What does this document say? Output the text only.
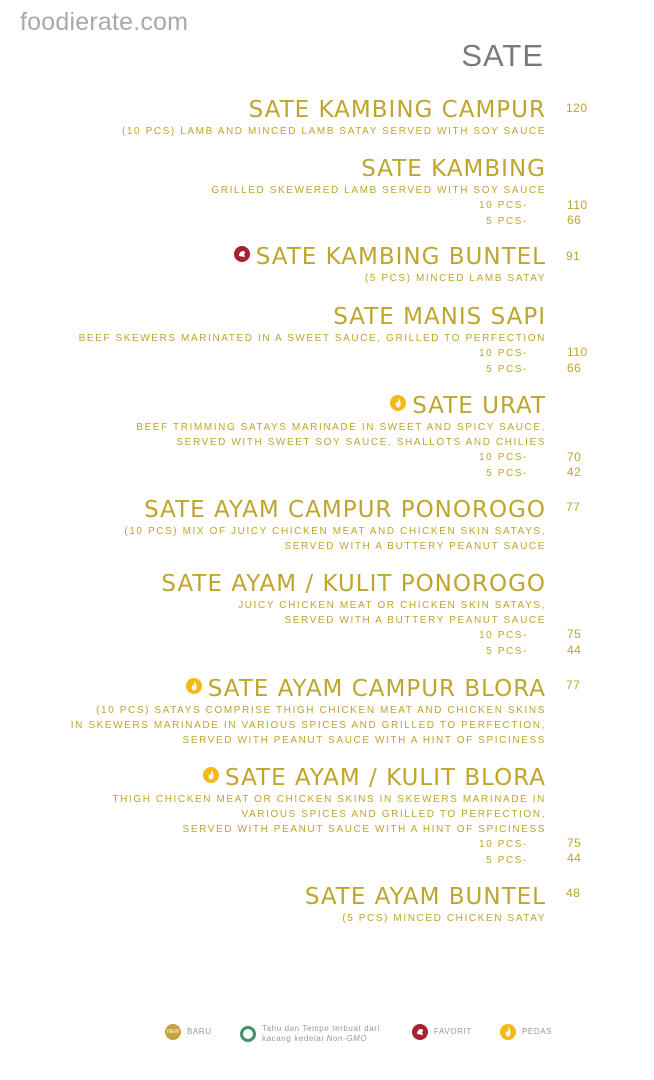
foodierate.com
SATE
SATE KAMBING CAMPUR
(10 PCS) LAMB AND MINCED LAMB SATAY SERVED WITH SOY SAUCE
120
SATE KAMBING
GRILLED SKEWERED LAMB SERVED WITH SOY SAUCE
10 PCS-
5 PCS-
110
66
SATE KAMBING BUNTEL
(5 PCS) MINCED LAMB SATAY
91
SATE MANIS SAPI
BEEF SKEWERS MARINATED IN A SWEET SAUCE, GRILLED TO PERFECTION
10 PCS-
5 PCS-
110
66
SATE URAT
BEEF TRIMMING SATAYS MARINADE IN SWEET AND SPICY SAUCE,
SERVED WITH SWEET SOY SAUCE, SHALLOTS AND CHILIES
10 PCS-
5 PCS-
70
42
SATE AYAM CAMPUR PONOROGO
(10 PCS) MIX OF JUICY CHICKEN MEAT AND CHICKEN SKIN SATAYS,
SERVED WITH A BUTTERY PEANUT SAUCE
77
SATE AYAM / KULIT PONOROGO
JUICY CHICKEN MEAT OR CHICKEN SKIN SATAYS,
SERVED WITH A BUTTERY PEANUT SAUCE
10 PCS-
5 PCS-
75
44
SATE AYAM CAMPUR BLORA
(10 PCS) SATAYS COMPRISE THIGH CHICKEN MEAT AND CHICKEN SKINS
IN SKEWERS MARINADE IN VARIOUS SPICES AND GRILLED TO PERFECTION,
SERVED WITH PEANUT SAUCE WITH A HINT OF SPICINESS
77
SATE AYAM / KULIT BLORA
THIGH CHICKEN MEAT OR CHICKEN SKINS IN SKEWERS MARINADE IN
VARIOUS SPICES AND GRILLED TO PERFECTION,
SERVED WITH PEANUT SAUCE WITH A HINT OF SPICINESS
10 PCS-
5 PCS-
75
44
SATE AYAM BUNTEL
(5 PCS) MINCED CHICKEN SATAY
48
NEW BARU	Tahu dan Tempe terbuat dari
kacang kedelai Non-GMO
FAVORIT	PEDAS
